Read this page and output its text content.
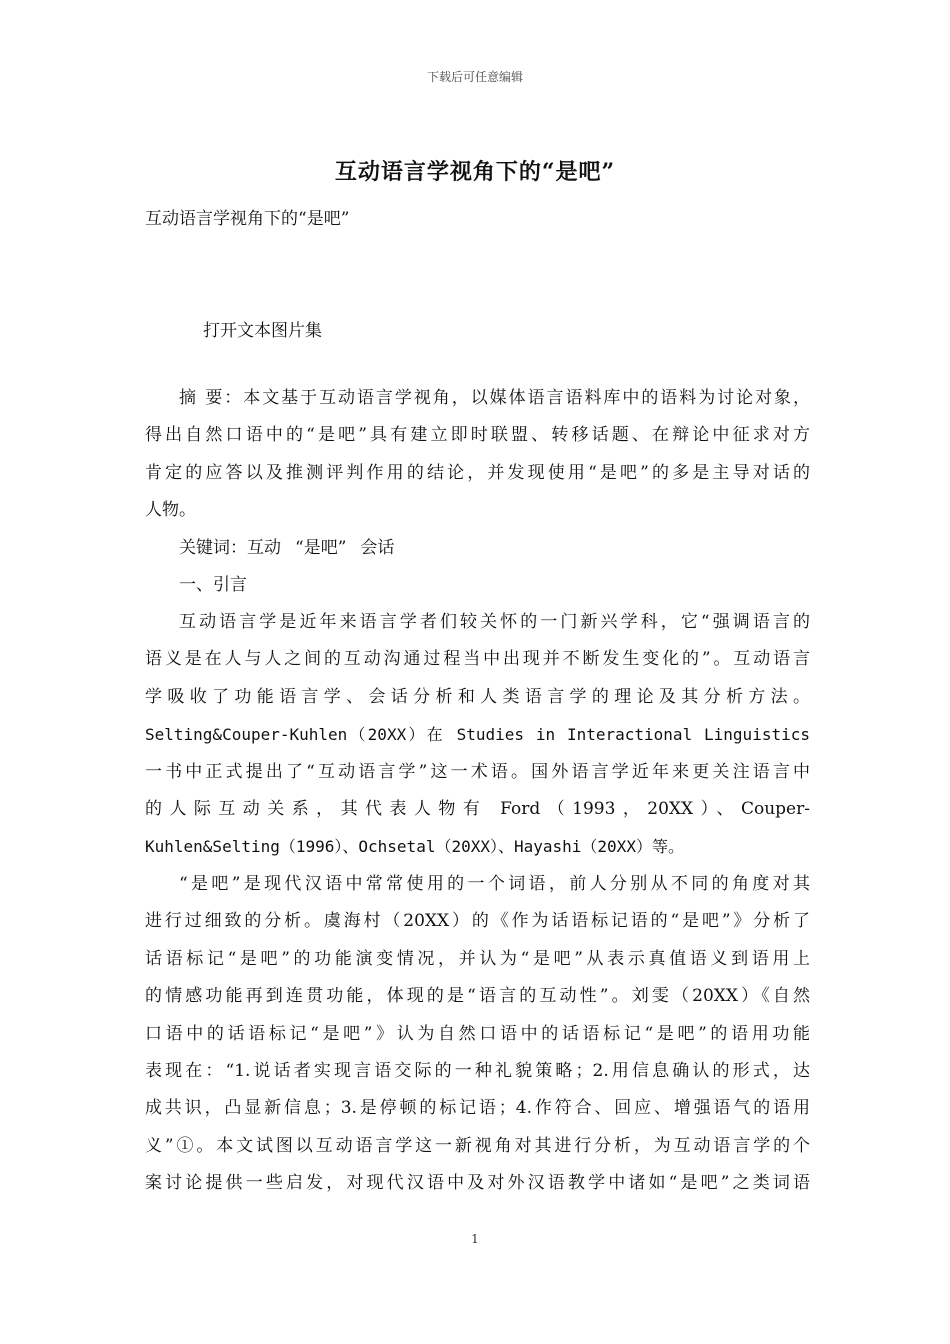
下载后可任意编辑
互动语言学视角下的“是吧”
互动语言学视角下的“是吧”
打开文本图片集
摘 要：本文基于互动语言学视角，以媒体语言语料库中的语料为讨论对象，
得出自然口语中的“是吧”具有建立即时联盟、转移话题、在辩论中征求对方
肯定的应答以及推测评判作用的结论，并发现使用“是吧”的多是主导对话的
人物。
关键词：互动 “是吧” 会话
一、引言
互动语言学是近年来语言学者们较关怀的一门新兴学科，它“强调语言的
语义是在人与人之间的互动沟通过程当中出现并不断发生变化的”。互动语言
学吸收了功能语言学、会话分析和人类语言学的理论及其分析方法。
Selting&Couper-Kuhlen（20XX）在 Studies in Interactional Linguistics
一书中正式提出了“互动语言学”这一术语。国外语言学近年来更关注语言中
的人际互动关系，其代表人物有 Ford（1993，20XX）、Couper-
Kuhlen&Selting（1996）、Ochsetal（20XX）、Hayashi（20XX）等。
“是吧”是现代汉语中常常使用的一个词语，前人分别从不同的角度对其
进行过细致的分析。虞海村（20XX）的《作为话语标记语的“是吧”》分析了
话语标记“是吧”的功能演变情况，并认为“是吧”从表示真值语义到语用上
的情感功能再到连贯功能，体现的是“语言的互动性”。刘雯（20XX）《自然
口语中的话语标记“是吧”》认为自然口语中的话语标记“是吧”的语用功能
表现在：“1.说话者实现言语交际的一种礼貌策略；2.用信息确认的形式，达
成共识，凸显新信息；3.是停顿的标记语；4.作符合、回应、增强语气的语用
义”①。本文试图以互动语言学这一新视角对其进行分析，为互动语言学的个
案讨论提供一些启发，对现代汉语中及对外汉语教学中诸如“是吧”之类词语
1
